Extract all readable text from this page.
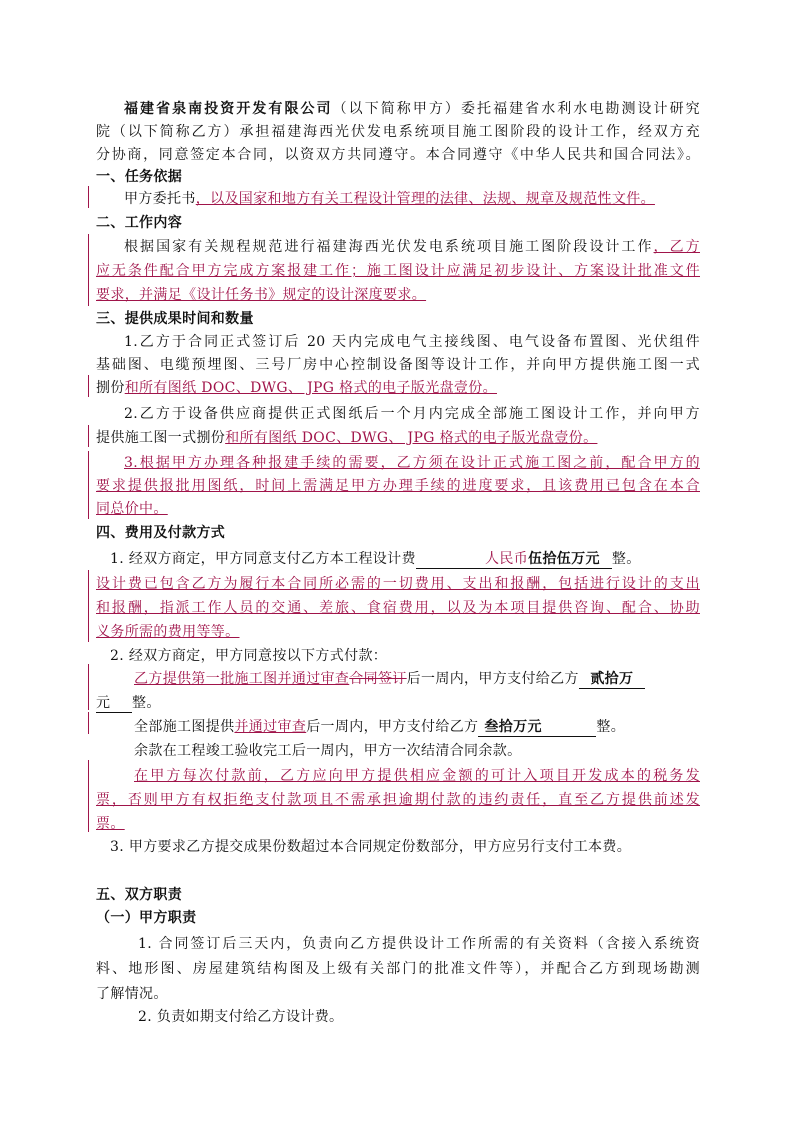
福建省泉南投资开发有限公司（以下简称甲方）委托福建省水利水电勘测设计研究
院（以下简称乙方）承担福建海西光伏发电系统项目施工图阶段的设计工作，经双方充
分协商，同意签定本合同，以资双方共同遵守。本合同遵守《中华人民共和国合同法》。
一、任务依据
甲方委托书，以及国家和地方有关工程设计管理的法律、法规、规章及规范性文件。
二、工作内容
根据国家有关规程规范进行福建海西光伏发电系统项目施工图阶段设计工作，乙方
应无条件配合甲方完成方案报建工作；施工图设计应满足初步设计、方案设计批准文件
要求，并满足《设计任务书》规定的设计深度要求。
三、提供成果时间和数量
1.乙方于合同正式签订后 20 天内完成电气主接线图、电气设备布置图、光伏组件
基础图、电缆预埋图、三号厂房中心控制设备图等设计工作，并向甲方提供施工图一式
捌份和所有图纸 DOC、DWG、 JPG 格式的电子版光盘壹份。
2.乙方于设备供应商提供正式图纸后一个月内完成全部施工图设计工作，并向甲方
提供施工图一式捌份和所有图纸 DOC、DWG、 JPG 格式的电子版光盘壹份。
3.根据甲方办理各种报建手续的需要，乙方须在设计正式施工图之前，配合甲方的
要求提供报批用图纸，时间上需满足甲方办理手续的进度要求，且该费用已包含在本合
同总价中。
四、费用及付款方式
1. 经双方商定，甲方同意支付乙方本工程设计费	人民币伍拾伍万元 整。
设计费已包含乙方为履行本合同所必需的一切费用、支出和报酬，包括进行设计的支出
和报酬，指派工作人员的交通、差旅、食宿费用，以及为本项目提供咨询、配合、协助
义务所需的费用等等。
2. 经双方商定，甲方同意按以下方式付款：
乙方提供第一批施工图并通过审查合同签订后一周内，甲方支付给乙方 贰拾万
元 整。
全部施工图提供并通过审查后一周内，甲方支付给乙方 叁拾万元	整。
余款在工程竣工验收完工后一周内，甲方一次结清合同余款。
在甲方每次付款前，乙方应向甲方提供相应金额的可计入项目开发成本的税务发
票，否则甲方有权拒绝支付款项且不需承担逾期付款的违约责任，直至乙方提供前述发
票。
3. 甲方要求乙方提交成果份数超过本合同规定份数部分，甲方应另行支付工本费。
五、双方职责
（一）甲方职责
1. 合同签订后三天内，负责向乙方提供设计工作所需的有关资料（含接入系统资
料、地形图、房屋建筑结构图及上级有关部门的批准文件等），并配合乙方到现场勘测
了解情况。
2. 负责如期支付给乙方设计费。
